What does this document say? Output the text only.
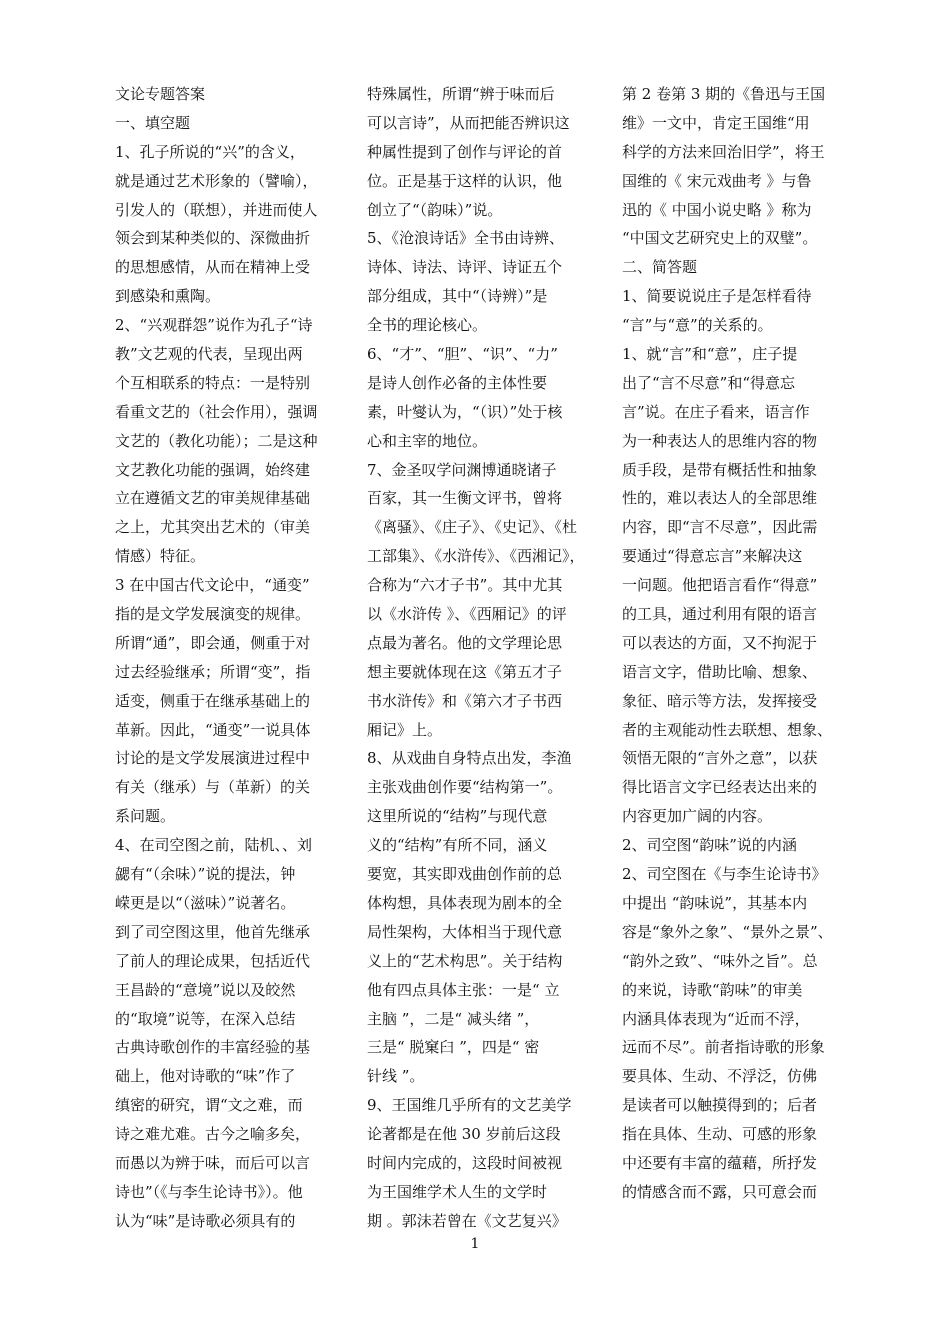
文论专题答案
一、填空题
1、孔子所说的“兴”的含义，
就是通过艺术形象的（譬喻），
引发人的（联想），并进而使人
领会到某种类似的、深微曲折
的思想感情，从而在精神上受
到感染和熏陶。
2、“兴观群怨”说作为孔子“诗
教”文艺观的代表，呈现出两
个互相联系的特点：一是特别
看重文艺的（社会作用），强调
文艺的（教化功能）；二是这种
文艺教化功能的强调，始终建
立在遵循文艺的审美规律基础
之上，尤其突出艺术的（审美
情感）特征。
3 在中国古代文论中，“通变”
指的是文学发展演变的规律。
所谓“通”，即会通，侧重于对
过去经验继承；所谓“变”，指
适变，侧重于在继承基础上的
革新。因此，“通变”一说具体
讨论的是文学发展演进过程中
有关（继承）与（革新）的关
系问题。
4、在司空图之前，陆机、、刘
勰有“（余味）”说的提法，钟
嵘更是以“（滋味）”说著名。
到了司空图这里，他首先继承
了前人的理论成果，包括近代
王昌龄的“意境”说以及皎然
的“取境”说等，在深入总结
古典诗歌创作的丰富经验的基
础上，他对诗歌的“味”作了
缜密的研究，谓“文之难，而
诗之难尤难。古今之喻多矣，
而愚以为辨于味，而后可以言
诗也”（《与李生论诗书》）。他
认为“味”是诗歌必须具有的
特殊属性，所谓“辨于味而后
可以言诗”，从而把能否辨识这
种属性提到了创作与评论的首
位。正是基于这样的认识，他
创立了“（韵味）”说。
5、《沧浪诗话》全书由诗辨、
诗体、诗法、诗评、诗证五个
部分组成，其中“（诗辨）”是
全书的理论核心。
6、“才”、“胆”、“识”、“力”
是诗人创作必备的主体性要
素，叶燮认为，“（识）”处于核
心和主宰的地位。
7、金圣叹学问渊博通晓诸子
百家，其一生衡文评书，曾将
《离骚》、《庄子》、《史记》、《杜
工部集》、《水浒传》、《西湘记》，
合称为“六才子书”。其中尤其
以《水浒传 》、《西厢记》的评
点最为著名。他的文学理论思
想主要就体现在这《第五才子
书水浒传》和《第六才子书西
厢记》上。
8、从戏曲自身特点出发，李渔
主张戏曲创作要“结构第一”。
这里所说的“结构”与现代意
义的“结构”有所不同，涵义
要宽，其实即戏曲创作前的总
体构想，具体表现为剧本的全
局性架构，大体相当于现代意
义上的“艺术构思”。关于结构
他有四点具体主张：一是“ 立
主脑 ”，二是“ 减头绪 ”，
三是“ 脱窠臼 ”，四是“ 密
针线 ”。
9、王国维几乎所有的文艺美学
论著都是在他 30 岁前后这段
时间内完成的，这段时间被视
为王国维学术人生的文学时
期 。郭沫若曾在《文艺复兴》
第 2 卷第 3 期的《鲁迅与王国
维》一文中，肯定王国维“用
科学的方法来回治旧学”，将王
国维的《 宋元戏曲考 》与鲁
迅的《 中国小说史略 》称为
“中国文艺研究史上的双璧”。
二、简答题
1、简要说说庄子是怎样看待
“言”与“意”的关系的。
1、就“言”和“意”，庄子提
出了“言不尽意”和“得意忘
言”说。在庄子看来，语言作
为一种表达人的思维内容的物
质手段，是带有概括性和抽象
性的，难以表达人的全部思维
内容，即“言不尽意”，因此需
要通过“得意忘言”来解决这
一问题。他把语言看作“得意”
的工具，通过利用有限的语言
可以表达的方面，又不拘泥于
语言文字，借助比喻、想象、
象征、暗示等方法，发挥接受
者的主观能动性去联想、想象、
领悟无限的“言外之意”，以获
得比语言文字已经表达出来的
内容更加广阔的内容。
2、司空图“韵味”说的内涵
2、司空图在《与李生论诗书》
中提出 “韵味说”，其基本内
容是“象外之象”、“景外之景”、
“韵外之致”、“味外之旨”。总
的来说，诗歌“韵味”的审美
内涵具体表现为“近而不浮，
远而不尽”。前者指诗歌的形象
要具体、生动、不浮泛，仿佛
是读者可以触摸得到的；后者
指在具体、生动、可感的形象
中还要有丰富的蕴藉，所抒发
的情感含而不露，只可意会而
1
